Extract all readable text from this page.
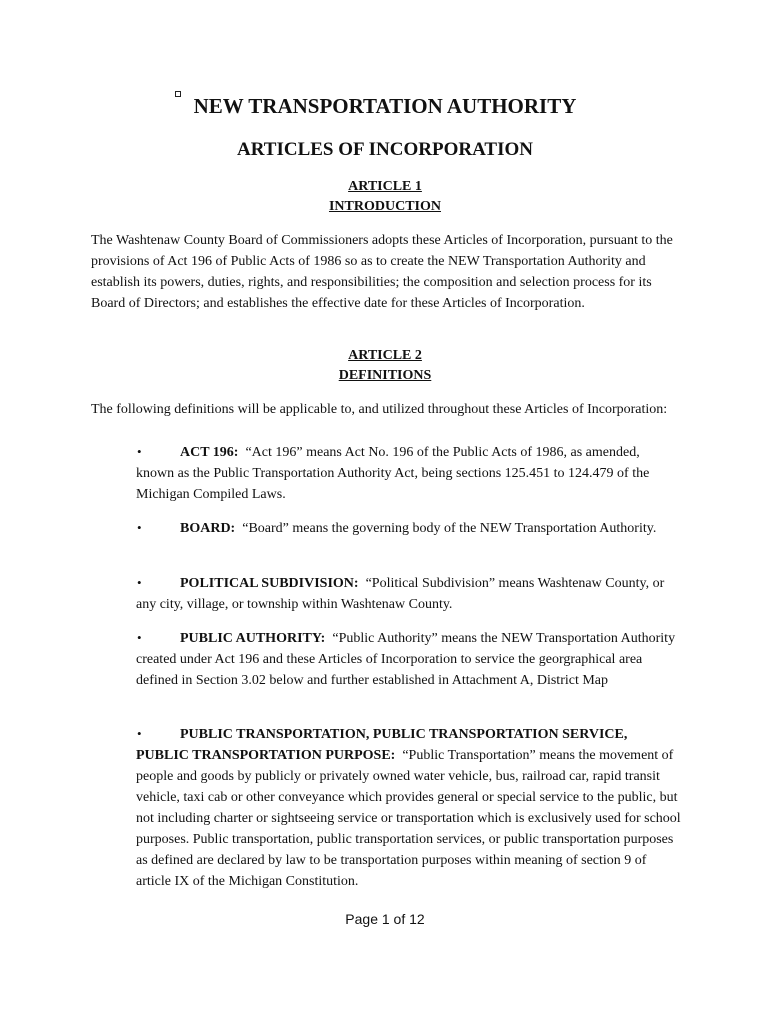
NEW TRANSPORTATION AUTHORITY
ARTICLES OF INCORPORATION
ARTICLE 1
INTRODUCTION
The Washtenaw County Board of Commissioners adopts these Articles of Incorporation, pursuant to the provisions of Act 196 of Public Acts of 1986 so as to create the NEW Transportation Authority and establish its powers, duties, rights, and responsibilities; the composition and selection process for its Board of Directors; and establishes the effective date for these Articles of Incorporation.
ARTICLE 2
DEFINITIONS
The following definitions will be applicable to, and utilized throughout these Articles of Incorporation:
•ACT 196: “Act 196” means Act No. 196 of the Public Acts of 1986, as amended, known as the Public Transportation Authority Act, being sections 125.451 to 124.479 of the Michigan Compiled Laws.
•BOARD: “Board” means the governing body of the NEW Transportation Authority.
•POLITICAL SUBDIVISION: “Political Subdivision” means Washtenaw County, or any city, village, or township within Washtenaw County.
•PUBLIC AUTHORITY: “Public Authority” means the NEW Transportation Authority created under Act 196 and these Articles of Incorporation to service the georgraphical area defined in Section 3.02 below and further established in Attachment A, District Map
•PUBLIC TRANSPORTATION, PUBLIC TRANSPORTATION SERVICE, PUBLIC TRANSPORTATION PURPOSE: “Public Transportation” means the movement of people and goods by publicly or privately owned water vehicle, bus, railroad car, rapid transit vehicle, taxi cab or other conveyance which provides general or special service to the public, but not including charter or sightseeing service or transportation which is exclusively used for school purposes. Public transportation, public transportation services, or public transportation purposes as defined are declared by law to be transportation purposes within meaning of section 9 of article IX of the Michigan Constitution.
Page 1 of 12
